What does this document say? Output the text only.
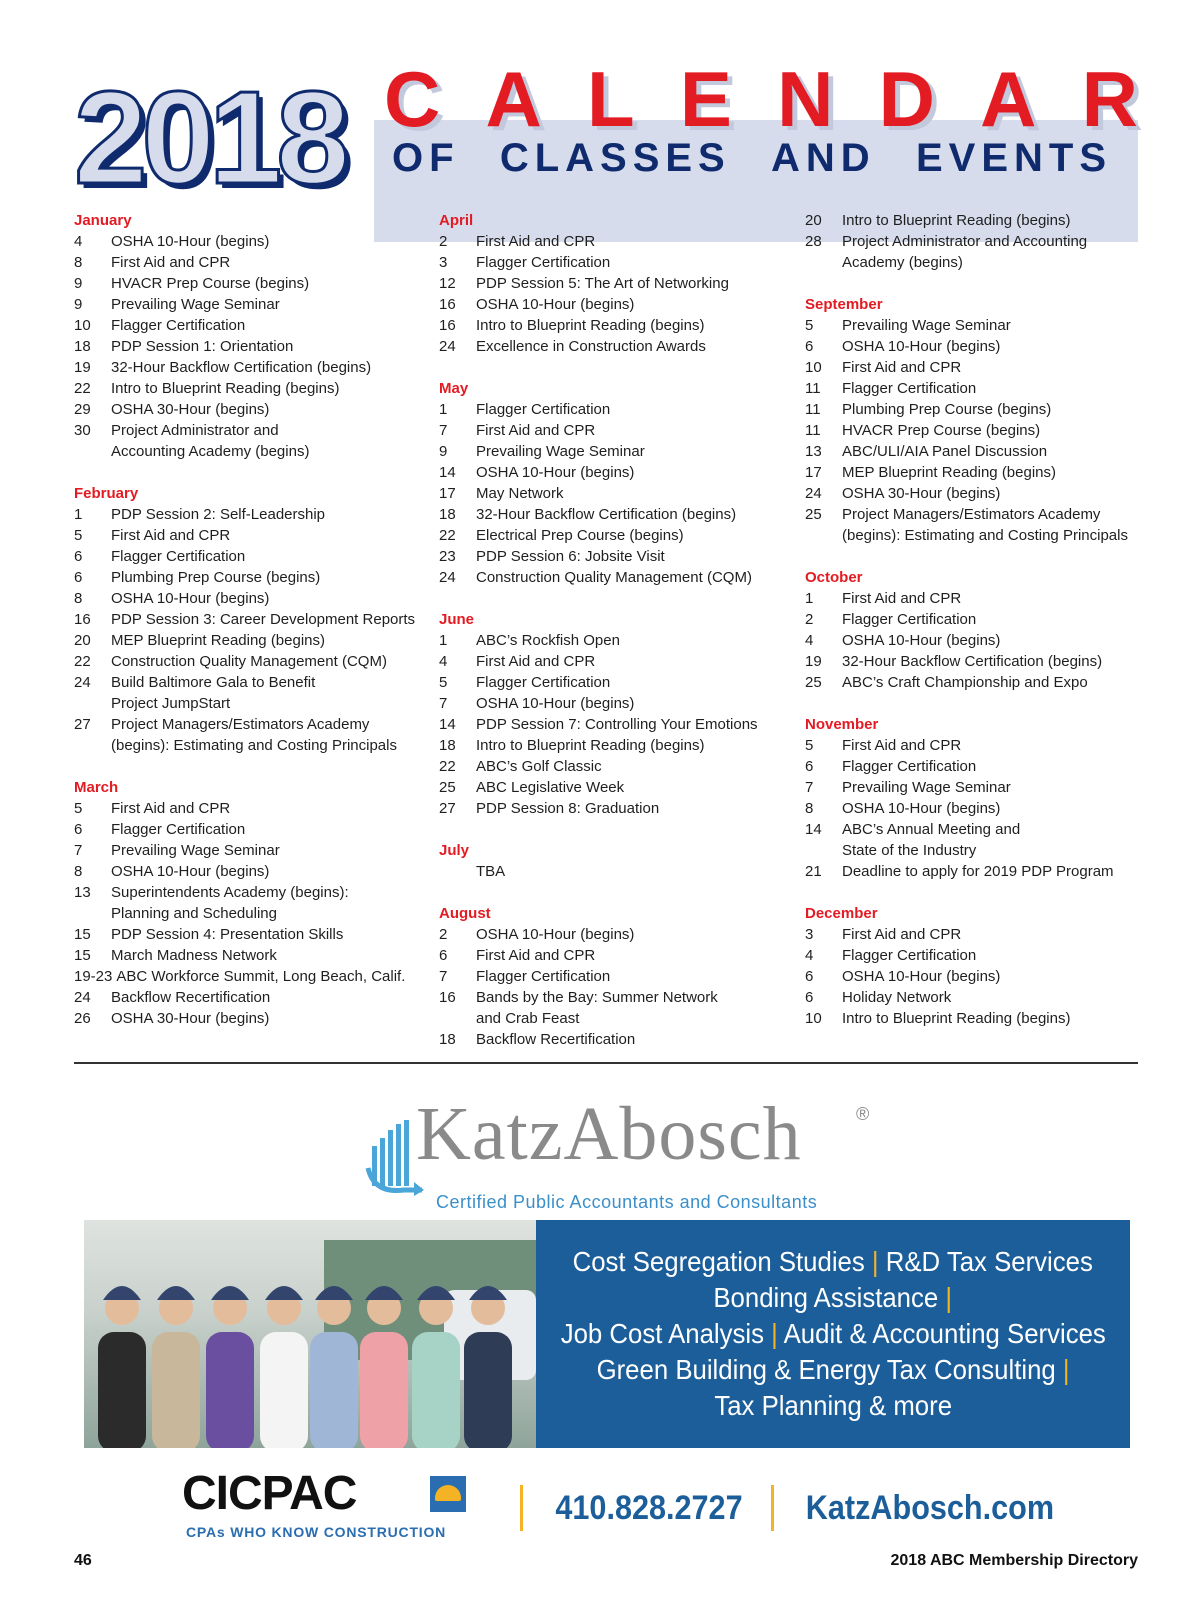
2018 C A L E N D A R
OF CLASSES AND EVENTS
January
4	OSHA 10-Hour (begins)
8	First Aid and CPR
9	HVACR Prep Course (begins)
9	Prevailing Wage Seminar
10	Flagger Certification
18	PDP Session 1: Orientation
19	32-Hour Backflow Certification (begins)
22	Intro to Blueprint Reading (begins)
29	OSHA 30-Hour (begins)
30	Project Administrator and
Accounting Academy (begins)
February
1	PDP Session 2: Self-Leadership
5	First Aid and CPR
6	Flagger Certification
6	Plumbing Prep Course (begins)
8	OSHA 10-Hour (begins)
16	PDP Session 3: Career Development Reports
20	MEP Blueprint Reading (begins)
22	Construction Quality Management (CQM)
24	Build Baltimore Gala to Benefit
Project JumpStart
27	Project Managers/Estimators Academy
(begins): Estimating and Costing Principals
March
5	First Aid and CPR
6	Flagger Certification
7	Prevailing Wage Seminar
8	OSHA 10-Hour (begins)
13	Superintendents Academy (begins):
Planning and Scheduling
15	PDP Session 4: Presentation Skills
15	March Madness Network
19-23 ABC Workforce Summit, Long Beach, Calif.
24	Backflow Recertification
26	OSHA 30-Hour (begins)
April
2	First Aid and CPR
3	Flagger Certification
12	PDP Session 5: The Art of Networking
16	OSHA 10-Hour (begins)
16	Intro to Blueprint Reading (begins)
24	Excellence in Construction Awards
May
1	Flagger Certification
7	First Aid and CPR
9	Prevailing Wage Seminar
14	OSHA 10-Hour (begins)
17	May Network
18	32-Hour Backflow Certification (begins)
22	Electrical Prep Course (begins)
23	PDP Session 6: Jobsite Visit
24	Construction Quality Management (CQM)
June
1	ABC’s Rockfish Open
4	First Aid and CPR
5	Flagger Certification
7	OSHA 10-Hour (begins)
14	PDP Session 7: Controlling Your Emotions
18	Intro to Blueprint Reading (begins)
22	ABC’s Golf Classic
25	ABC Legislative Week
27	PDP Session 8: Graduation
July
TBA
August
2	OSHA 10-Hour (begins)
6	First Aid and CPR
7	Flagger Certification
16	Bands by the Bay: Summer Network
and Crab Feast
18	Backflow Recertification
20	Intro to Blueprint Reading (begins)
28	Project Administrator and Accounting
Academy (begins)
September
5	Prevailing Wage Seminar
6	OSHA 10-Hour (begins)
10	First Aid and CPR
11	Flagger Certification
11	Plumbing Prep Course (begins)
11	HVACR Prep Course (begins)
13	ABC/ULI/AIA Panel Discussion
17	MEP Blueprint Reading (begins)
24	OSHA 30-Hour (begins)
25	Project Managers/Estimators Academy
(begins): Estimating and Costing Principals
October
1	First Aid and CPR
2	Flagger Certification
4	OSHA 10-Hour (begins)
19	32-Hour Backflow Certification (begins)
25	ABC’s Craft Championship and Expo
November
5	First Aid and CPR
6	Flagger Certification
7	Prevailing Wage Seminar
8	OSHA 10-Hour (begins)
14	ABC’s Annual Meeting and
State of the Industry
21	Deadline to apply for 2019 PDP Program
December
3	First Aid and CPR
4	Flagger Certification
6	OSHA 10-Hour (begins)
6	Holiday Network
10	Intro to Blueprint Reading (begins)
KatzAbosch	®
Certified Public Accountants and Consultants
Cost Segregation Studies | R&D Tax Services
Bonding Assistance |
Job Cost Analysis | Audit & Accounting Services
Green Building & Energy Tax Consulting |
Tax Planning & more
CICPAC
CPAs WHO KNOW CONSTRUCTION
410.828.2727 KatzAbosch.com
46	2018 ABC Membership Directory
